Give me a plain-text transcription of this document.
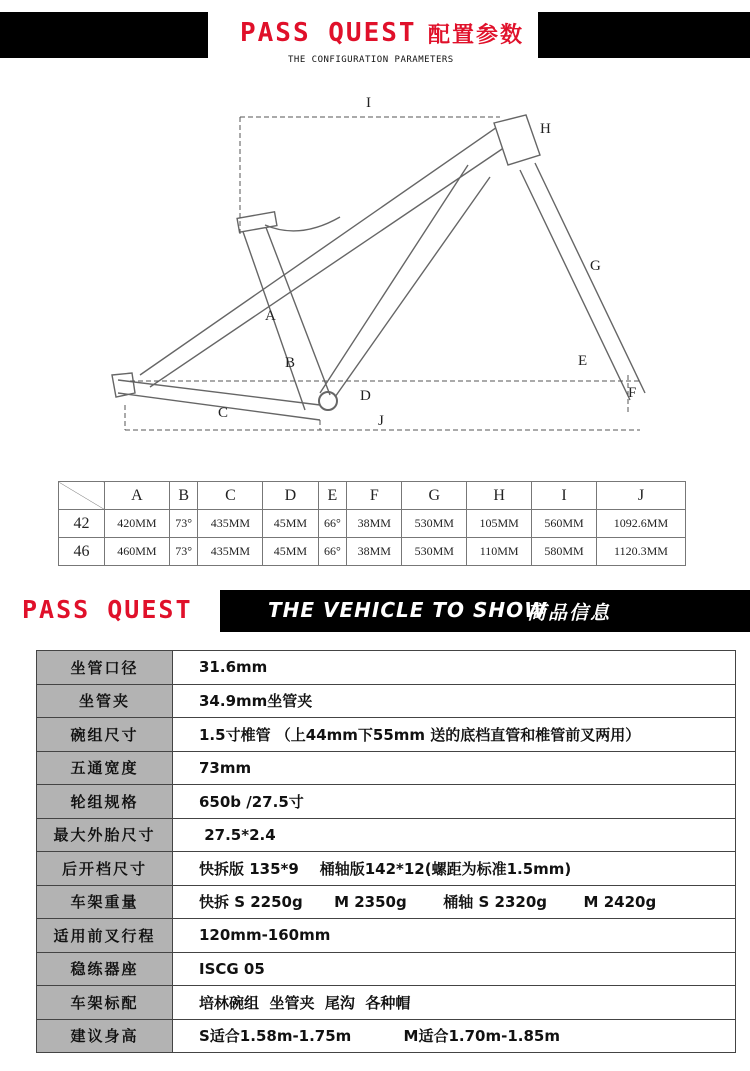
PASS QUEST 配置参数
THE CONFIGURATION PARAMETERS
I
H
G
A
B
C
D
E
F
J
	A	B	C	D	E	F	G	H	I	J
42	420MM	73°	435MM	45MM	66°	38MM	530MM	105MM	560MM	1092.6MM
46	460MM	73°	435MM	45MM	66°	38MM	530MM	110MM	580MM	1120.3MM
PASS QUEST	THE VEHICLE TO SHOW
商品信息
坐管口径	31.6mm
坐管夹	34.9mm坐管夹
碗组尺寸	1.5寸椎管 （上44mm下55mm 送的底档直管和椎管前叉两用）
五通宽度	73mm
轮组规格	650b /27.5寸
最大外胎尺寸	27.5*2.4
后开档尺寸	快拆版 135*9    桶轴版142*12(螺距为标准1.5mm)
车架重量	快拆 S 2250g      M 2350g       桶轴 S 2320g       M 2420g
适用前叉行程	120mm-160mm
稳练器座	ISCG 05
车架标配	培林碗组  坐管夹  尾沟  各种帽
建议身高	S适合1.58m-1.75m          M适合1.70m-1.85m
